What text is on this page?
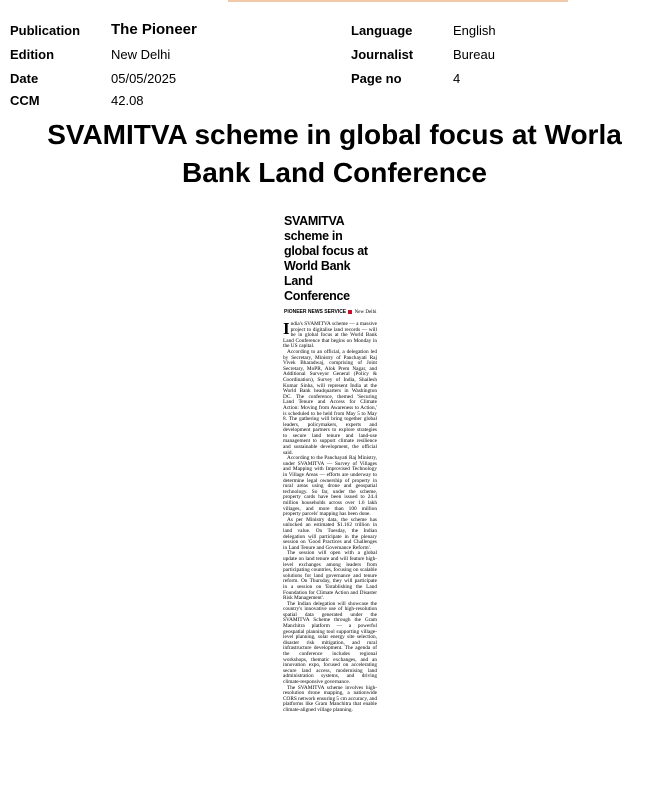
Publication The Pioneer
Edition	New Delhi
Date	05/05/2025
CCM	42.08
Language	English
Journalist	Bureau
Page no	4
SVAMITVA scheme in global focus at Worla Bank Land Conference
SVAMITVA scheme in global focus at World Bank Land Conference
PIONEER NEWS SERVICE New Delhi

India's SVAMITVA scheme — a massive project to digitalise land records — will be in global focus at the World Bank Land Conference that begins on Monday in the US capital.

According to an official, a delegation led by Secretary, Ministry of Panchayati Raj Vivek Bharadwaj, comprising of Joint Secretary, MoPR, Alok Prem Nagar, and Additional Surveyor General (Policy & Coordination), Survey of India, Shailesh Kumar Sinha, will represent India at the World Bank headquarters in Washington DC. The conference, themed 'Securing Land Tenure and Access for Climate Action: Moving from Awareness to Action,' is scheduled to be held from May 5 to May 8. The gathering will bring together global leaders, policymakers, experts and development partners to explore strategies to secure land tenure and land-use management to support climate resilience and sustainable development, the official said.

According to the Panchayati Raj Ministry, under SVAMITVA — Survey of Villages and Mapping with Improvised Technology in Village Areas — efforts are underway to determine legal ownership of property in rural areas using drone and geospatial technology. So far, under the scheme, property cards have been issued to 24.4 million households across over 1.6 lakh villages, and more than 100 million property parcels' mapping has been done.

As per Ministry data, the scheme has unlocked an estimated $1.162 trillion in land value. On Tuesday, the Indian delegation will participate in the plenary session on 'Good Practices and Challenges in Land Tenure and Governance Reform'.

The session will open with a global update on land tenure and will feature high-level exchanges among leaders from participating countries, focusing on scalable solutions for land governance and tenure reform. On Thursday, they will participate in a session on 'Establishing the Land Foundation for Climate Action and Disaster Risk Management'.

The Indian delegation will showcase the country's innovative use of high-resolution spatial data generated under the SVAMITVA Scheme through the Gram Manchitra platform — a powerful geospatial planning tool supporting village-level planning, solar energy site selection, disaster risk mitigation, and rural infrastructure development. The agenda of the conference includes regional workshops, thematic exchanges, and an innovation expo, focused on accelerating secure land access, modernising land administration systems, and driving climate-responsive governance.

The SVAMITVA scheme involves high-resolution drone mapping, a nationwide CORS network ensuring 5 cm accuracy, and platforms like Gram Manchitra that enable climate-aligned village planning.
